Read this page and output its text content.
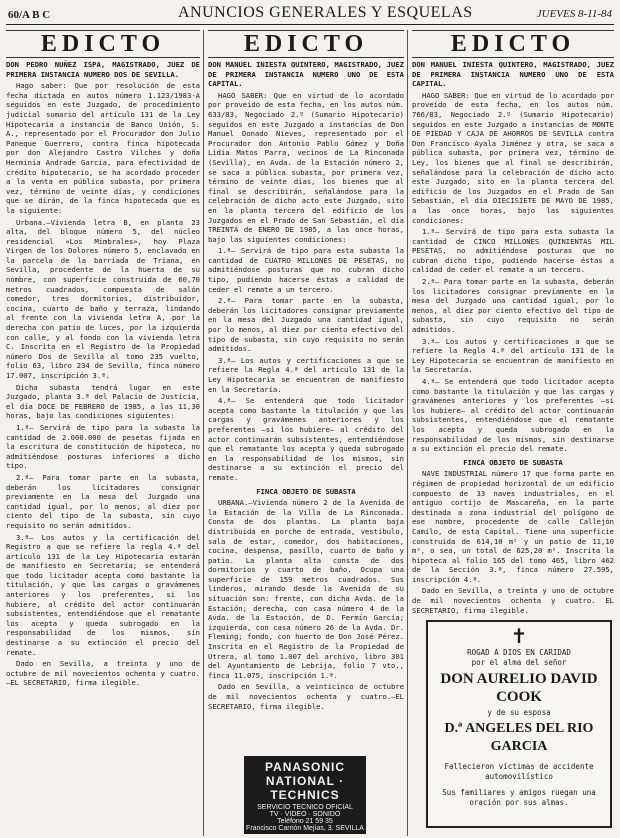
60/A B C	ANUNCIOS GENERALES Y ESQUELAS	JUEVES 8-11-84
EDICTO

DON PEDRO NUÑEZ ISPA, MAGISTRADO, JUEZ DE PRIMERA INSTANCIA NUMERO DOS DE SEVILLA.

Hago saber: Que por resolución de esta fecha dictada en autos número 1.123/1983-A seguidos en este Juzgado, de procedimiento judicial sumario del artículo 131 de la Ley Hipotecaria a instancia de Banco Unión, S. A., representado por el Procurador don Julio Paneque Guerrero, contra finca hipotecada por don Alejandro Castro Vilches y doña Herminia Andrade García, para efectividad de crédito hipotecario, se ha acordado proceder a la venta en pública subasta, por primera vez, término de veinte días, y condiciones que se dirán, de la finca hipotecada que es la siguiente:

Urbana.—Vivienda letra B, en planta 23 alta, del bloque número 5, del núcleo residencial «Los Mimbrales», hoy Plaza Virgen de los Dolores número 5, enclavado en la parcela de la barriada de Triana, en Sevilla, procedente de la huerta de su nombre, con superficie construida de 60,70 metros cuadrados, compuesta de salón comedor, tres dormitorios, distribuidor, cocina, cuarto de baño y terraza, lindando al frente con la vivienda letra A, por la derecha con patio de luces, por la izquierda con calle, y al fondo con la vivienda letra C. Inscrita en el Registro de la Propiedad número Dos de Sevilla al tomo 235 vuelto, folio 63, libro 234 de Sevilla, finca número 17.007, inscripción 3.ª.

Dicha subasta tendrá lugar en este Juzgado, planta 3.ª del Palacio de Justicia, el día DOCE DE FEBRERO de 1985, a las 11,30 horas, bajo las condiciones siguientes:

1.ª— Servirá de tipo para la subasta la cantidad de 2.000.000 de pesetas fijada en la escritura de constitución de hipoteca, no admitiéndose posturas inferiores a dicho tipo.

2.ª— Para tomar parte en la subasta, deberán los licitadores consignar previamente en la mesa del Juzgado una cantidad igual, por lo menos, al diez por ciento del tipo de la subasta, sin cuyo requisito no serán admitidos.

3.ª— Los autos y la certificación del Registro a que se refiere la regla 4.ª del artículo 131 de la Ley Hipotecaria estarán de manifiesto en Secretaría; se entenderá que todo licitador acepta como bastante la titulación, y que las cargas o gravámenes anteriores y los preferentes, si los hubiere, al crédito del actor continuarán subsistentes, entendiéndose que el rematante los acepta y queda subrogado en la responsabilidad de los mismos, sin destinarse a su extinción el precio del remate.

Dado en Sevilla, a treinta y uno de octubre de mil novecientos ochenta y cuatro.—EL SECRETARIO, firma ilegible.

EDICTO

DON MANUEL INIESTA QUINTERO, MAGISTRADO, JUEZ DE PRIMERA INSTANCIA NUMERO UNO DE ESTA CAPITAL.

HAGO SABER: Que en virtud de lo acordado por proveído de esta fecha, en los autos núm. 633/83, Negociado 2.º (Sumario Hipotecario) seguidos en este Juzgado a instancias de Don Manuel Donado Nieves, representado por el Procurador don Antonio Pablo Gómez y Doña Lidia Matos Parra, vecinos de La Rinconada (Sevilla), en Avda. de la Estación número 2, se saca a pública subasta, por primera vez, término de veinte días, los bienes que al final se describirán, señalándose para la celebración de dicho acto este Juzgado, sito en la planta tercera del edificio de los Juzgados en el Prado de San Sebastián, el día TREINTA de ENERO DE 1985, a las once horas, bajo las siguientes condiciones:

1.ª— Servirá de tipo para esta subasta la cantidad de CUATRO MILLONES DE PESETAS, no admitiéndose posturas que no cubran dicho tipo, pudiendo hacerse éstas a calidad de ceder el remate a un tercero.

2.ª— Para tomar parte en la subasta, deberán los licitadores consignar previamente en la mesa del Juzgado una cantidad igual, por lo menos, al diez por ciento efectivo del tipo de subasta, sin cuyo requisito no serán admitidos.

3.ª— Los autos y certificaciones a que se refiere la Regla 4.ª del artículo 131 de la Ley Hipotecaria se encuentran de manifiesto en la Secretaría.

4.ª— Se entenderá que todo licitador acepta como bastante la titulación y que las cargas y gravámenes anteriores y los preferentes —si los hubiere— al crédito del actor continuarán subsistentes, entendiéndose que el rematante los acepta y queda subrogado en la responsabilidad de los mismos, sin destinarse a su extinción el precio del remate.

FINCA OBJETO DE SUBASTA

URBANA.—Vivienda número 2 de la Avenida de la Estación de la Villa de La Rinconada. Consta de dos plantas. La planta baja distribuida en porche de entrada, vestíbulo, sala de estar, comedor, dos habitaciones, cocina, despensa, pasillo, cuarto de baño y patio. La planta alta consta de dos dormitorios y cuarto de baño. Ocupa una superficie de 159 metros cuadrados. Sus linderos, mirando desde la Avenida de su situación son: frente, con dicha Avda. de la Estación; derecha, con casa número 4 de la Avda. de la Estación, de D. Fermín García; izquierda, con casa número 26 de la Avda. Dr. Fleming; fondo, con huerto de Don José Pérez. Inscrita en el Registro de la Propiedad de Utrera, al tomo 1.007 del archivo, libro 301 del Ayuntamiento de Lebrija, folio 7 vto., finca 11.075, inscripción 1.ª.

Dado en Sevilla, a veinticinco de octubre de mil novecientos ochenta y cuatro.—EL SECRETARIO, firma ilegible.

EDICTO

DON MANUEL INIESTA QUINTERO, MAGISTRADO, JUEZ DE PRIMERA INSTANCIA NUMERO UNO DE ESTA CAPITAL.

HAGO SABER: Que en virtud de lo acordado por proveído de esta fecha, en los autos núm. 766/83, Negociado 2.º (Sumario Hipotecario) seguidos en este Juzgado a instancias de MONTE DE PIEDAD Y CAJA DE AHORROS DE SEVILLA contra Don Francisco Ayala Jiménez y otra, se saca a pública subasta, por primera vez, término de Ley, los bienes que al final se describirán, señalándose para la celebración de dicho acto este Juzgado, sito en la planta tercera del edificio de los Juzgados en el Prado de San Sebastián, el día DIECISIETE DE MAYO DE 1985, a las once horas, bajo las siguientes condiciones:

1.ª— Servirá de tipo para esta subasta la cantidad de CINCO MILLONES QUINIENTAS MIL PESETAS, no admitiéndose posturas que no cubran dicho tipo, pudiendo hacerse éstas a calidad de ceder el remate a un tercero.

2.ª— Para tomar parte en la subasta, deberán los licitadores consignar previamente en la mesa del Juzgado una cantidad igual, por lo menos, al diez por ciento efectivo del tipo de subasta, sin cuyo requisito no serán admitidos.

3.ª— Los autos y certificaciones a que se refiere la Regla 4.ª del artículo 131 de la Ley Hipotecaria se encuentran de manifiesto en la Secretaría.

4.ª— Se entenderá que todo licitador acepta como bastante la titulación y que las cargas y gravámenes anteriores y los preferentes —si los hubiere— al crédito del actor continuarán subsistentes, entendiéndose que el rematante los acepta y queda subrogado en la responsabilidad de los mismos, sin destinarse a su extinción el precio del remate.

FINCA OBJETO DE SUBASTA

NAVE INDUSTRIAL número 17 que forma parte en régimen de propiedad horizontal de un edificio compuesto de 33 naves industriales, en el antiguo cortijo de Mascareña, en la parte destinada a zona industrial del polígono de ese nombre, procedente de calle Callejón Camilo, de esta Capital. Tiene una superficie construida de 614,10 m² y un patio de 11,10 m², o sea, un total de 625,20 m². Inscrita la hipoteca al folio 165 del tomo 465, libro 462 de la Sección 3.ª, finca número 27.595, inscripción 4.ª.

Dado en Sevilla, a treinta y uno de octubre de mil novecientos ochenta y cuatro. EL SECRETARIO, firma ilegible.

PANASONIC
NATIONAL · TECHNICS
SERVICIO TECNICO OFICIAL
TV · VIDEO · SONIDO
Teléfono 21 59 35
Francisco Carrión Mejías, 3. SEVILLA
✝
ROGAD A DIOS EN CARIDAD
por el alma del señor
DON AURELIO DAVID COOK
y de su esposa
D.ª ANGELES DEL RIO GARCIA
Fallecieron víctimas de accidente automovilístico
Sus familiares y amigos ruegan una oración por sus almas.
